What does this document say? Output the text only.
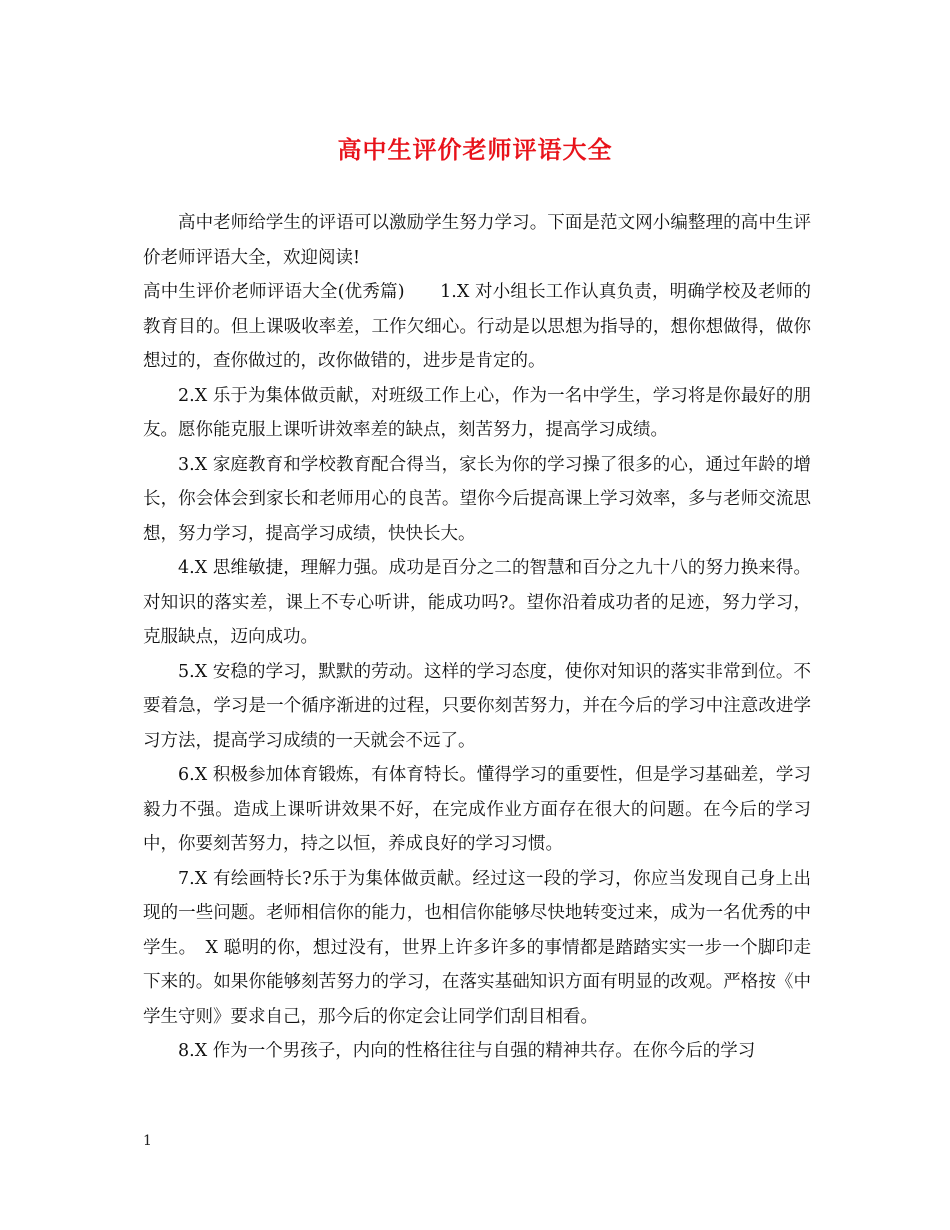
高中生评价老师评语大全

高中老师给学生的评语可以激励学生努力学习。下面是范文网小编整理的高中生评价老师评语大全，欢迎阅读!

高中生评价老师评语大全(优秀篇)　　1.X 对小组长工作认真负责，明确学校及老师的教育目的。但上课吸收率差，工作欠细心。行动是以思想为指导的，想你想做得，做你想过的，查你做过的，改你做错的，进步是肯定的。

2.X 乐于为集体做贡献，对班级工作上心，作为一名中学生，学习将是你最好的朋友。愿你能克服上课听讲效率差的缺点，刻苦努力，提高学习成绩。

3.X 家庭教育和学校教育配合得当，家长为你的学习操了很多的心，通过年龄的增长，你会体会到家长和老师用心的良苦。望你今后提高课上学习效率，多与老师交流思想，努力学习，提高学习成绩，快快长大。

4.X 思维敏捷，理解力强。成功是百分之二的智慧和百分之九十八的努力换来得。对知识的落实差，课上不专心听讲，能成功吗?。望你沿着成功者的足迹，努力学习，克服缺点，迈向成功。

5.X 安稳的学习，默默的劳动。这样的学习态度，使你对知识的落实非常到位。不要着急，学习是一个循序渐进的过程，只要你刻苦努力，并在今后的学习中注意改进学习方法，提高学习成绩的一天就会不远了。

6.X 积极参加体育锻炼，有体育特长。懂得学习的重要性，但是学习基础差，学习毅力不强。造成上课听讲效果不好，在完成作业方面存在很大的问题。在今后的学习中，你要刻苦努力，持之以恒，养成良好的学习习惯。

7.X 有绘画特长?乐于为集体做贡献。经过这一段的学习，你应当发现自己身上出现的一些问题。老师相信你的能力，也相信你能够尽快地转变过来，成为一名优秀的中学生。　X 聪明的你，想过没有，世界上许多许多的事情都是踏踏实实一步一个脚印走下来的。如果你能够刻苦努力的学习，在落实基础知识方面有明显的改观。严格按《中学生守则》要求自己，那今后的你定会让同学们刮目相看。

8.X 作为一个男孩子，内向的性格往往与自强的精神共存。在你今后的学习

1
